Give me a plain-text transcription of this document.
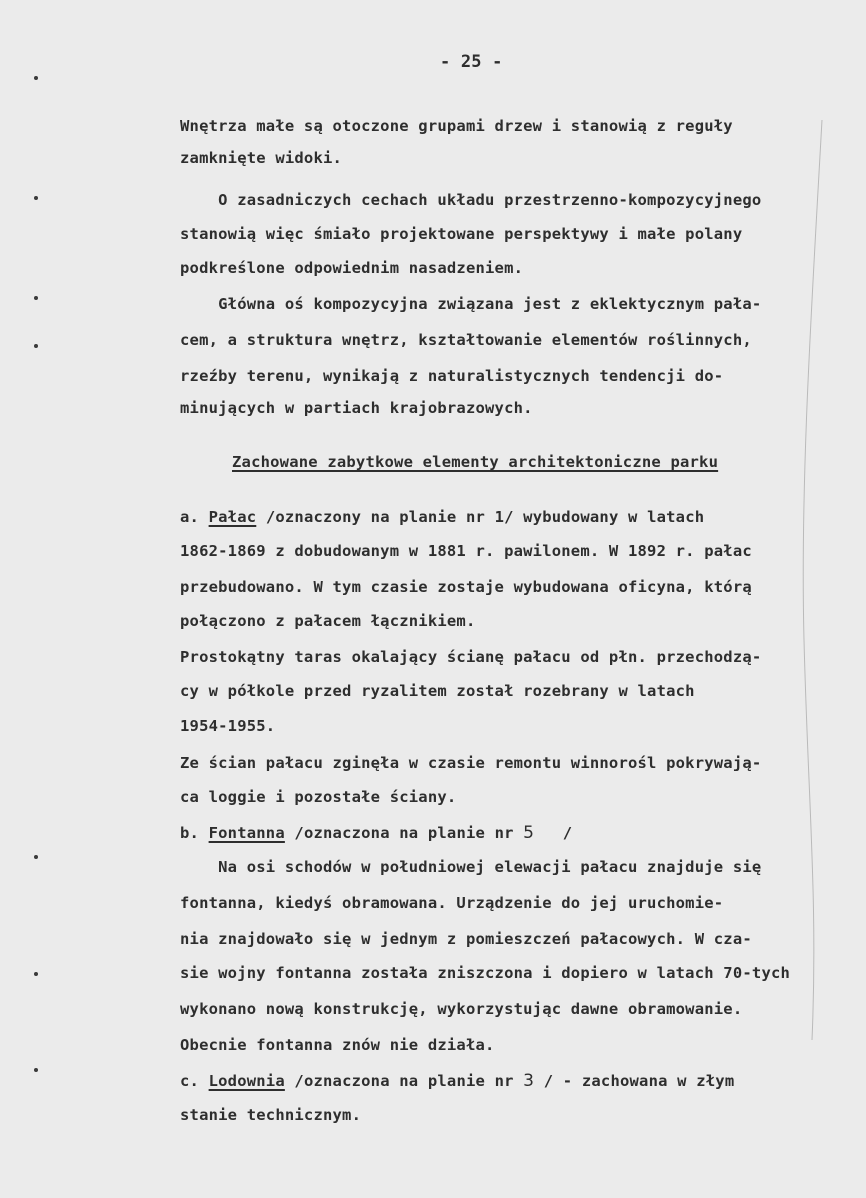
- 25 -
Wnętrza małe są otoczone grupami drzew i stanowią z reguły
zamknięte widoki.
O zasadniczych cechach układu przestrzenno-kompozycyjnego
stanowią więc śmiało projektowane perspektywy i małe polany
podkreślone odpowiednim nasadzeniem.
Główna oś kompozycyjna związana jest z eklektycznym pała-
cem, a struktura wnętrz, kształtowanie elementów roślinnych,
rzeźby terenu, wynikają z naturalistycznych tendencji do-
minujących w partiach krajobrazowych.
Zachowane zabytkowe elementy architektoniczne parku
a. Pałac /oznaczony na planie nr 1/ wybudowany w latach
1862-1869 z dobudowanym w 1881 r. pawilonem. W 1892 r. pałac
przebudowano. W tym czasie zostaje wybudowana oficyna, którą
połączono z pałacem łącznikiem.
Prostokątny taras okalający ścianę pałacu od płn. przechodzą-
cy w półkole przed ryzalitem został rozebrany w latach
1954-1955.
Ze ścian pałacu zginęła w czasie remontu winnorośl pokrywają-
ca loggie i pozostałe ściany.
b. Fontanna /oznaczona na planie nr 5   /
Na osi schodów w południowej elewacji pałacu znajduje się
fontanna, kiedyś obramowana. Urządzenie do jej uruchomie-
nia znajdowało się w jednym z pomieszczeń pałacowych. W cza-
sie wojny fontanna została zniszczona i dopiero w latach 70-tych
wykonano nową konstrukcję, wykorzystując dawne obramowanie.
Obecnie fontanna znów nie działa.
c. Lodownia /oznaczona na planie nr 3 / - zachowana w złym
stanie technicznym.
